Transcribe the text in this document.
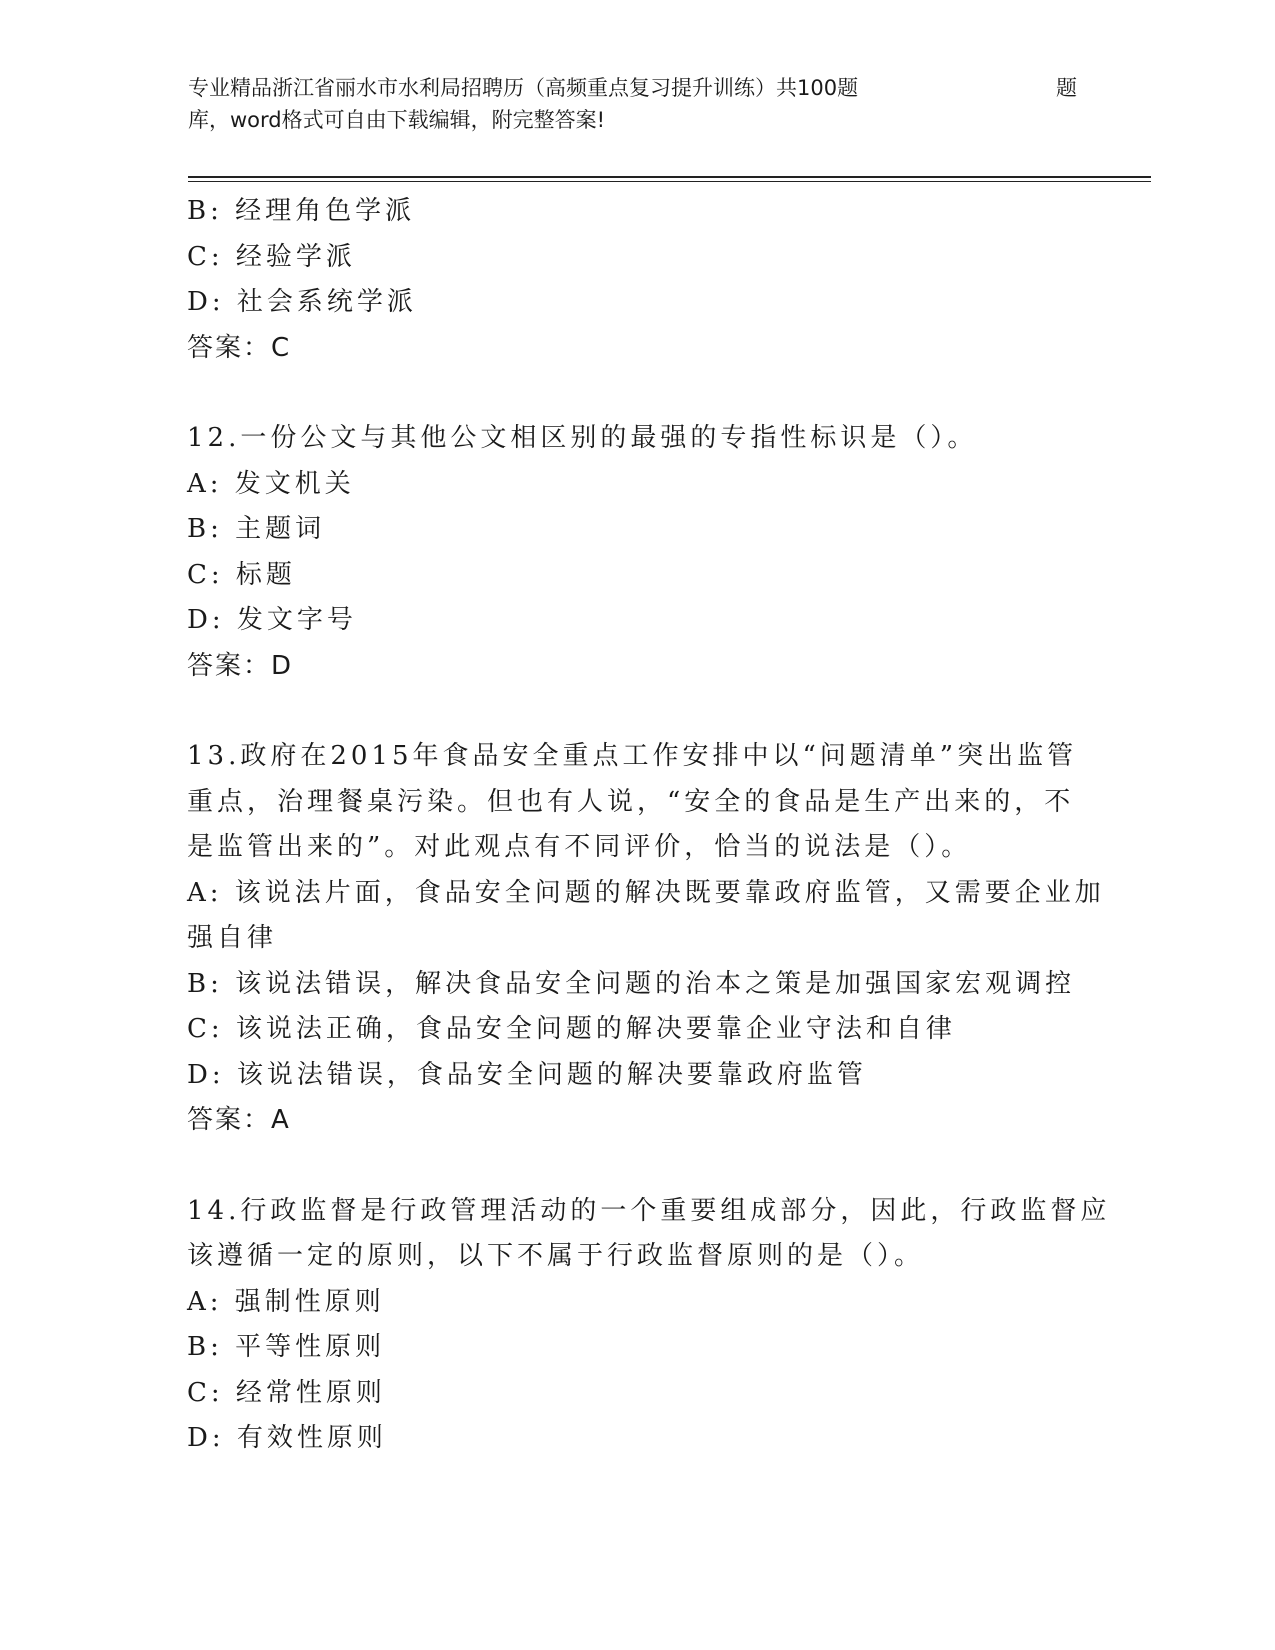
专业精品浙江省丽水市水利局招聘历（高频重点复习提升训练）共100题	题
库，word格式可自由下载编辑，附完整答案!
B: 经理角色学派
C: 经验学派
D: 社会系统学派
答案：C
12.一份公文与其他公文相区别的最强的专指性标识是（）。
A: 发文机关
B: 主题词
C: 标题
D: 发文字号
答案：D
13.政府在2015年食品安全重点工作安排中以“问题清单”突出监管
重点，治理餐桌污染。但也有人说，“安全的食品是生产出来的，不
是监管出来的”。对此观点有不同评价，恰当的说法是（）。
A: 该说法片面，食品安全问题的解决既要靠政府监管，又需要企业加
强自律
B: 该说法错误，解决食品安全问题的治本之策是加强国家宏观调控
C: 该说法正确，食品安全问题的解决要靠企业守法和自律
D: 该说法错误，食品安全问题的解决要靠政府监管
答案：A
14.行政监督是行政管理活动的一个重要组成部分，因此，行政监督应
该遵循一定的原则，以下不属于行政监督原则的是（）。
A: 强制性原则
B: 平等性原则
C: 经常性原则
D: 有效性原则
